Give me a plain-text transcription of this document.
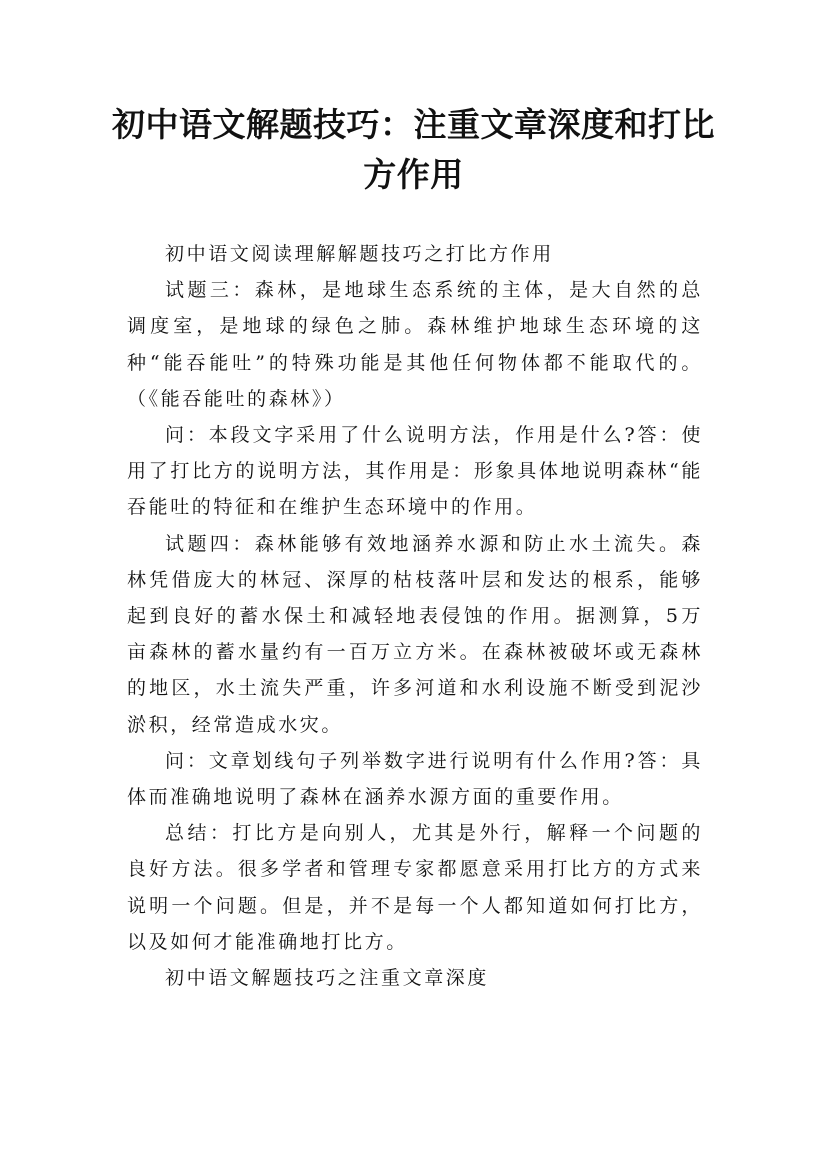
初中语文解题技巧：注重文章深度和打比方作用

初中语文阅读理解解题技巧之打比方作用

试题三：森林，是地球生态系统的主体，是大自然的总调度室，是地球的绿色之肺。森林维护地球生态环境的这种“能吞能吐”的特殊功能是其他任何物体都不能取代的。（《能吞能吐的森林》）

问：本段文字采用了什么说明方法，作用是什么?答：使用了打比方的说明方法，其作用是：形象具体地说明森林“能吞能吐的特征和在维护生态环境中的作用。

试题四：森林能够有效地涵养水源和防止水土流失。森林凭借庞大的林冠、深厚的枯枝落叶层和发达的根系，能够起到良好的蓄水保土和减轻地表侵蚀的作用。据测算，5万亩森林的蓄水量约有一百万立方米。在森林被破坏或无森林的地区，水土流失严重，许多河道和水利设施不断受到泥沙淤积，经常造成水灾。

问：文章划线句子列举数字进行说明有什么作用?答：具体而准确地说明了森林在涵养水源方面的重要作用。

总结：打比方是向别人，尤其是外行，解释一个问题的良好方法。很多学者和管理专家都愿意采用打比方的方式来说明一个问题。但是，并不是每一个人都知道如何打比方，以及如何才能准确地打比方。

初中语文解题技巧之注重文章深度
